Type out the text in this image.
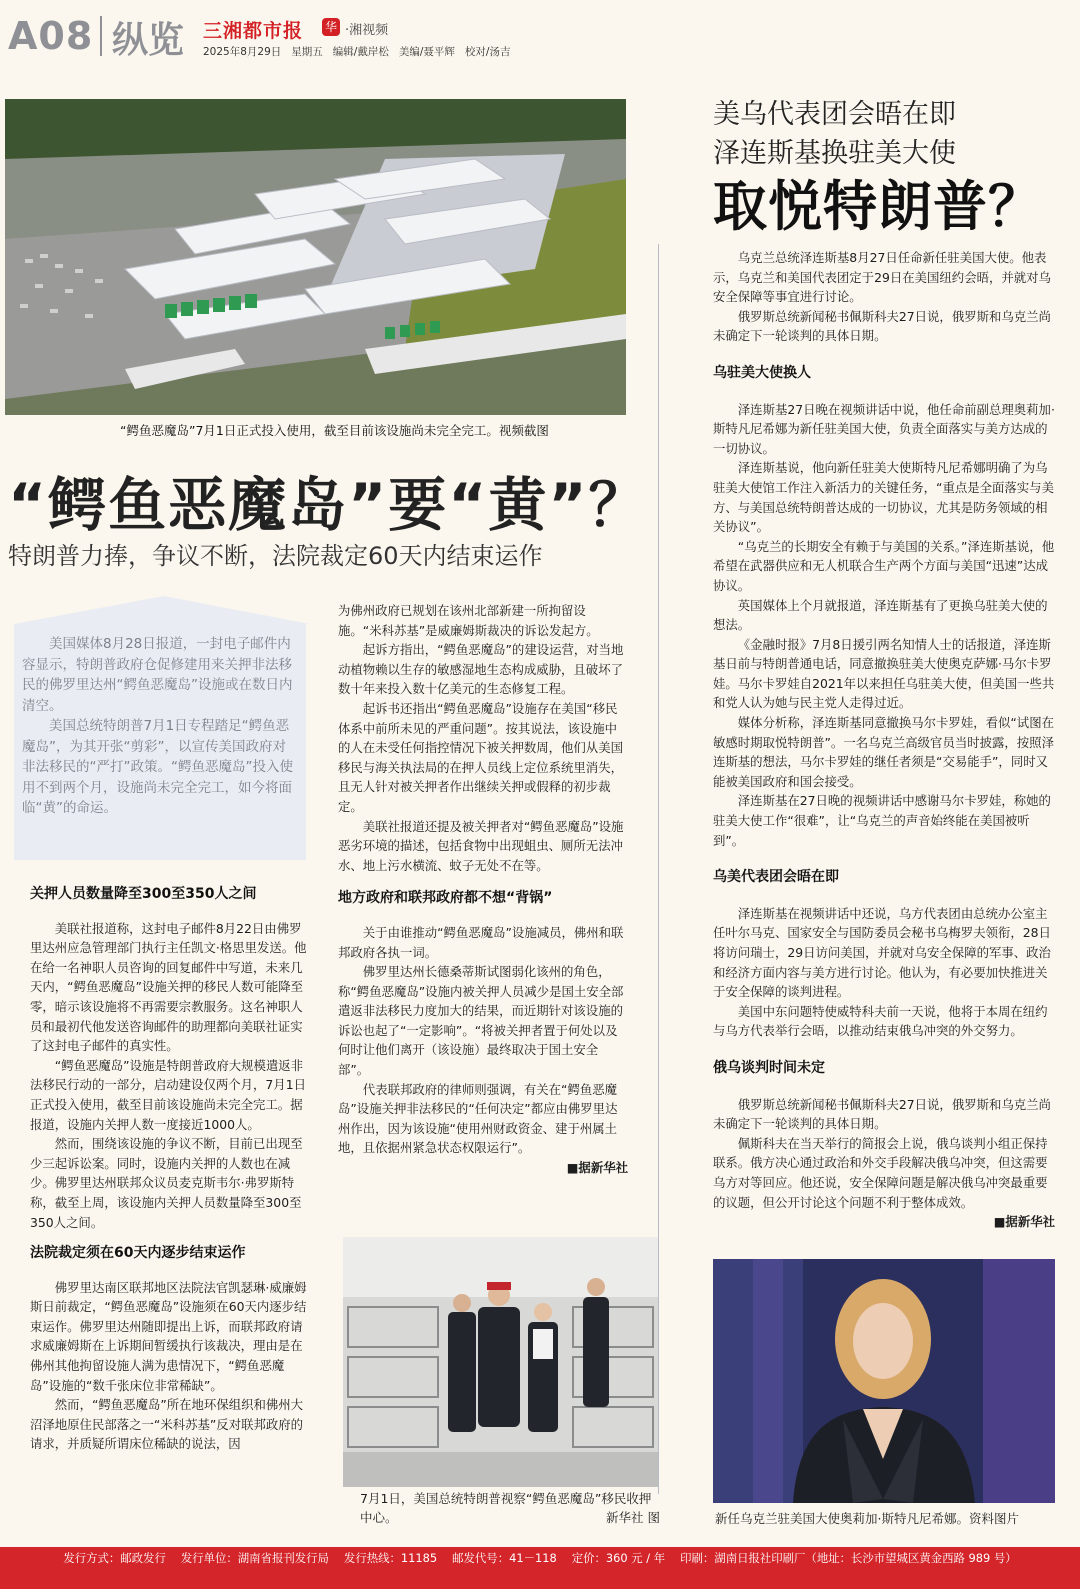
A08 纵览 三湘都市报 华 ·湘视频
2025年8月29日 星期五 编辑/戴岸松 美编/聂平辉 校对/汤吉
“鳄鱼恶魔岛”7月1日正式投入使用，截至目前该设施尚未完全完工。视频截图
“鳄鱼恶魔岛”要“黄”？
特朗普力捧，争议不断，法院裁定60天内结束运作

美国媒体8月28日报道，一封电子邮件内容显示，特朗普政府仓促修建用来关押非法移民的佛罗里达州“鳄鱼恶魔岛”设施或在数日内清空。

美国总统特朗普7月1日专程踏足“鳄鱼恶魔岛”，为其开张“剪彩”，以宣传美国政府对非法移民的“严打”政策。“鳄鱼恶魔岛”投入使用不到两个月，设施尚未完全完工，如今将面临“黄”的命运。

关押人员数量降至300至350人之间

美联社报道称，这封电子邮件8月22日由佛罗里达州应急管理部门执行主任凯文·格思里发送。他在给一名神职人员咨询的回复邮件中写道，未来几天内，“鳄鱼恶魔岛”设施关押的移民人数可能降至零，暗示该设施将不再需要宗教服务。这名神职人员和最初代他发送咨询邮件的助理都向美联社证实了这封电子邮件的真实性。

“鳄鱼恶魔岛”设施是特朗普政府大规模遣返非法移民行动的一部分，启动建设仅两个月，7月1日正式投入使用，截至目前该设施尚未完全完工。据报道，设施内关押人数一度接近1000人。

然而，围绕该设施的争议不断，目前已出现至少三起诉讼案。同时，设施内关押的人数也在减少。佛罗里达州联邦众议员麦克斯韦尔·弗罗斯特称，截至上周，该设施内关押人员数量降至300至350人之间。

法院裁定须在60天内逐步结束运作

佛罗里达南区联邦地区法院法官凯瑟琳·威廉姆斯日前裁定，“鳄鱼恶魔岛”设施须在60天内逐步结束运作。佛罗里达州随即提出上诉，而联邦政府请求威廉姆斯在上诉期间暂缓执行该裁决，理由是在佛州其他拘留设施人满为患情况下，“鳄鱼恶魔岛”设施的“数千张床位非常稀缺”。

然而，“鳄鱼恶魔岛”所在地环保组织和佛州大沼泽地原住民部落之一“米科苏基”反对联邦政府的请求，并质疑所谓床位稀缺的说法，因

为佛州政府已规划在该州北部新建一所拘留设施。“米科苏基”是威廉姆斯裁决的诉讼发起方。

起诉方指出，“鳄鱼恶魔岛”的建设运营，对当地动植物赖以生存的敏感湿地生态构成威胁，且破坏了数十年来投入数十亿美元的生态修复工程。

起诉书还指出“鳄鱼恶魔岛”设施存在美国“移民体系中前所未见的严重问题”。按其说法，该设施中的人在未受任何指控情况下被关押数周，他们从美国移民与海关执法局的在押人员线上定位系统里消失，且无人针对被关押者作出继续关押或假释的初步裁定。

美联社报道还提及被关押者对“鳄鱼恶魔岛”设施恶劣环境的描述，包括食物中出现蛆虫、厕所无法冲水、地上污水横流、蚊子无处不在等。

地方政府和联邦政府都不想“背锅”

关于由谁推动“鳄鱼恶魔岛”设施减员，佛州和联邦政府各执一词。

佛罗里达州长德桑蒂斯试图弱化该州的角色，称“鳄鱼恶魔岛”设施内被关押人员减少是国土安全部遣返非法移民力度加大的结果，而近期针对该设施的诉讼也起了“一定影响”。“将被关押者置于何处以及何时让他们离开（该设施）最终取决于国土安全部”。

代表联邦政府的律师则强调，有关在“鳄鱼恶魔岛”设施关押非法移民的“任何决定”都应由佛罗里达州作出，因为该设施“使用州财政资金、建于州属土地，且依据州紧急状态权限运行”。

■据新华社

7月1日，美国总统特朗普视察“鳄鱼恶魔岛”移民收押中心。	新华社 图
美乌代表团会晤在即
泽连斯基换驻美大使
取悦特朗普？

乌克兰总统泽连斯基8月27日任命新任驻美国大使。他表示，乌克兰和美国代表团定于29日在美国纽约会晤，并就对乌安全保障等事宜进行讨论。

俄罗斯总统新闻秘书佩斯科夫27日说，俄罗斯和乌克兰尚未确定下一轮谈判的具体日期。

乌驻美大使换人

泽连斯基27日晚在视频讲话中说，他任命前副总理奥莉加·斯特凡尼希娜为新任驻美国大使，负责全面落实与美方达成的一切协议。

泽连斯基说，他向新任驻美大使斯特凡尼希娜明确了为乌驻美大使馆工作注入新活力的关键任务，“重点是全面落实与美方、与美国总统特朗普达成的一切协议，尤其是防务领域的相关协议”。

“乌克兰的长期安全有赖于与美国的关系。”泽连斯基说，他希望在武器供应和无人机联合生产两个方面与美国“迅速”达成协议。

英国媒体上个月就报道，泽连斯基有了更换乌驻美大使的想法。

《金融时报》7月8日援引两名知情人士的话报道，泽连斯基日前与特朗普通电话，同意撤换驻美大使奥克萨娜·马尔卡罗娃。马尔卡罗娃自2021年以来担任乌驻美大使，但美国一些共和党人认为她与民主党人走得过近。

媒体分析称，泽连斯基同意撤换马尔卡罗娃，看似“试图在敏感时期取悦特朗普”。一名乌克兰高级官员当时披露，按照泽连斯基的想法，马尔卡罗娃的继任者须是“交易能手”，同时又能被美国政府和国会接受。

泽连斯基在27日晚的视频讲话中感谢马尔卡罗娃，称她的驻美大使工作“很难”，让“乌克兰的声音始终能在美国被听到”。

乌美代表团会晤在即

泽连斯基在视频讲话中还说，乌方代表团由总统办公室主任叶尔马克、国家安全与国防委员会秘书乌梅罗夫领衔，28日将访问瑞士，29日访问美国，并就对乌安全保障的军事、政治和经济方面内容与美方进行讨论。他认为，有必要加快推进关于安全保障的谈判进程。

美国中东问题特使威特科夫前一天说，他将于本周在纽约与乌方代表举行会晤，以推动结束俄乌冲突的外交努力。

俄乌谈判时间未定

俄罗斯总统新闻秘书佩斯科夫27日说，俄罗斯和乌克兰尚未确定下一轮谈判的具体日期。

佩斯科夫在当天举行的简报会上说，俄乌谈判小组正保持联系。俄方决心通过政治和外交手段解决俄乌冲突，但这需要乌方对等回应。他还说，安全保障问题是解决俄乌冲突最重要的议题，但公开讨论这个问题不利于整体成效。

■据新华社

新任乌克兰驻美国大使奥莉加·斯特凡尼希娜。资料图片
发行方式：邮政发行　 发行单位：湖南省报刊发行局　 发行热线：11185　 邮发代号：41－118　 定价：360 元 / 年　 印刷：湖南日报社印刷厂（地址：长沙市望城区黄金西路 989 号）
